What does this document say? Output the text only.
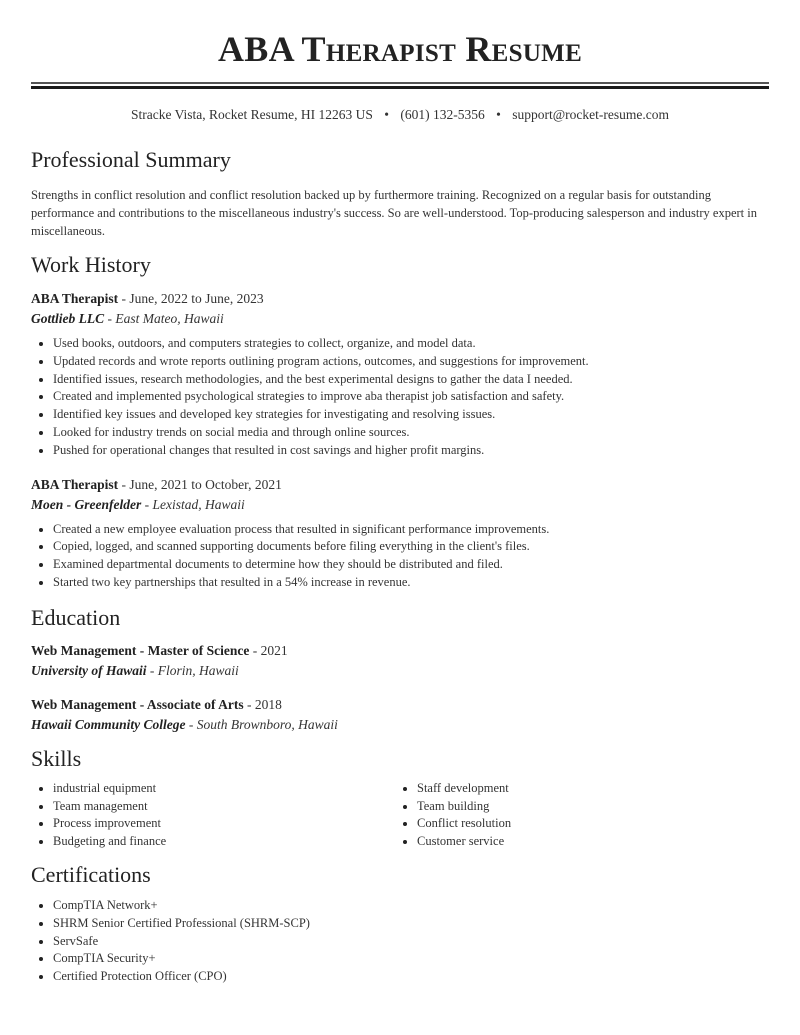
ABA Therapist Resume
Stracke Vista, Rocket Resume, HI 12263 US • (601) 132-5356 • support@rocket-resume.com
Professional Summary

Strengths in conflict resolution and conflict resolution backed up by furthermore training. Recognized on a regular basis for outstanding performance and contributions to the miscellaneous industry's success. So are well-understood. Top-producing salesperson and industry expert in miscellaneous.

Work History
ABA Therapist - June, 2022 to June, 2023
Gottlieb LLC - East Mateo, Hawaii
Used books, outdoors, and computers strategies to collect, organize, and model data.
Updated records and wrote reports outlining program actions, outcomes, and suggestions for improvement.
Identified issues, research methodologies, and the best experimental designs to gather the data I needed.
Created and implemented psychological strategies to improve aba therapist job satisfaction and safety.
Identified key issues and developed key strategies for investigating and resolving issues.
Looked for industry trends on social media and through online sources.
Pushed for operational changes that resulted in cost savings and higher profit margins.
ABA Therapist - June, 2021 to October, 2021
Moen - Greenfelder - Lexistad, Hawaii
Created a new employee evaluation process that resulted in significant performance improvements.
Copied, logged, and scanned supporting documents before filing everything in the client's files.
Examined departmental documents to determine how they should be distributed and filed.
Started two key partnerships that resulted in a 54% increase in revenue.
Education
Web Management - Master of Science - 2021
University of Hawaii - Florin, Hawaii
Web Management - Associate of Arts - 2018
Hawaii Community College - South Brownboro, Hawaii
Skills
industrial equipment
Team management
Process improvement
Budgeting and finance
Staff development
Team building
Conflict resolution
Customer service
Certifications
CompTIA Network+
SHRM Senior Certified Professional (SHRM-SCP)
ServSafe
CompTIA Security+
Certified Protection Officer (CPO)
